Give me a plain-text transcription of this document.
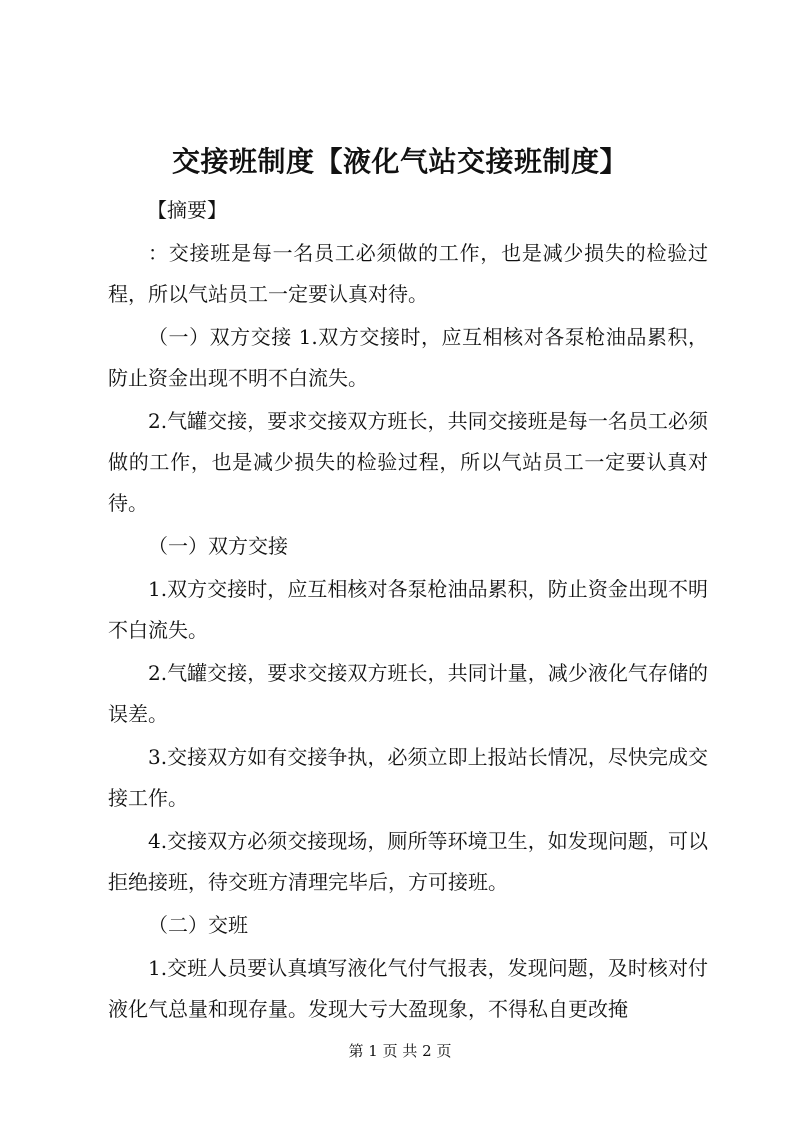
交接班制度【液化气站交接班制度】

【摘要】

：交接班是每一名员工必须做的工作，也是减少损失的检验过程，所以气站员工一定要认真对待。

（一）双方交接 1.双方交接时，应互相核对各泵枪油品累积，防止资金出现不明不白流失。

2.气罐交接，要求交接双方班长，共同交接班是每一名员工必须做的工作，也是减少损失的检验过程，所以气站员工一定要认真对待。

（一）双方交接

1.双方交接时，应互相核对各泵枪油品累积，防止资金出现不明不白流失。

2.气罐交接，要求交接双方班长，共同计量，减少液化气存储的误差。

3.交接双方如有交接争执，必须立即上报站长情况，尽快完成交接工作。

4.交接双方必须交接现场，厕所等环境卫生，如发现问题，可以拒绝接班，待交班方清理完毕后，方可接班。

（二）交班

1.交班人员要认真填写液化气付气报表，发现问题，及时核对付液化气总量和现存量。发现大亏大盈现象，不得私自更改掩

第 1 页 共 2 页
